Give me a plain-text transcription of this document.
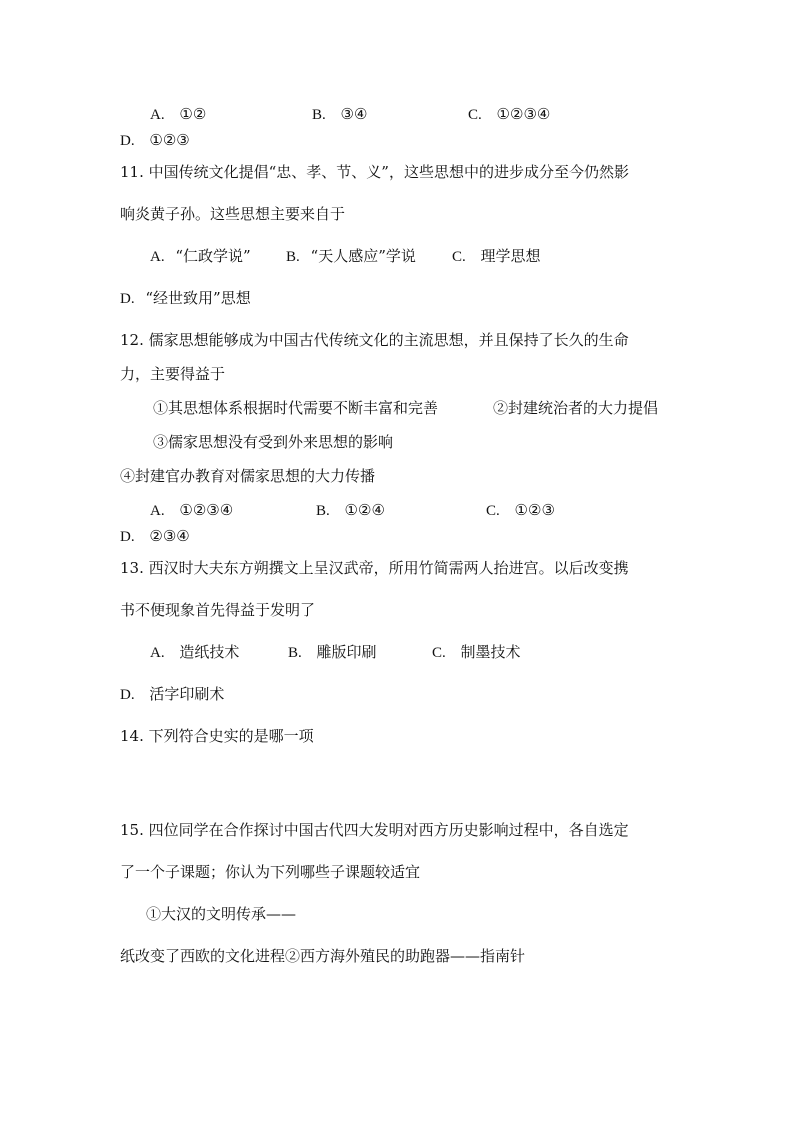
A. ①②	B. ③④	C. ①②③④
D. ①②③
11. 中国传统文化提倡“忠、孝、节、义”，这些思想中的进步成分至今仍然影
响炎黄子孙。这些思想主要来自于
A. “仁政学说” B. “天人感应”学说 C. 理学思想
D. “经世致用”思想
12. 儒家思想能够成为中国古代传统文化的主流思想，并且保持了长久的生命
力，主要得益于
①其思想体系根据时代需要不断丰富和完善	②封建统治者的大力提倡
③儒家思想没有受到外来思想的影响
④封建官办教育对儒家思想的大力传播
A. ①②③④	B. ①②④	C. ①②③
D. ②③④
13. 西汉时大夫东方朔撰文上呈汉武帝，所用竹简需两人抬进宫。以后改变携
书不便现象首先得益于发明了
A. 造纸技术	B. 雕版印刷	C. 制墨技术
D. 活字印刷术
14. 下列符合史实的是哪一项
15. 四位同学在合作探讨中国古代四大发明对西方历史影响过程中，各自选定
了一个子课题；你认为下列哪些子课题较适宜
①大汉的文明传承——
纸改变了西欧的文化进程②西方海外殖民的助跑器——指南针
